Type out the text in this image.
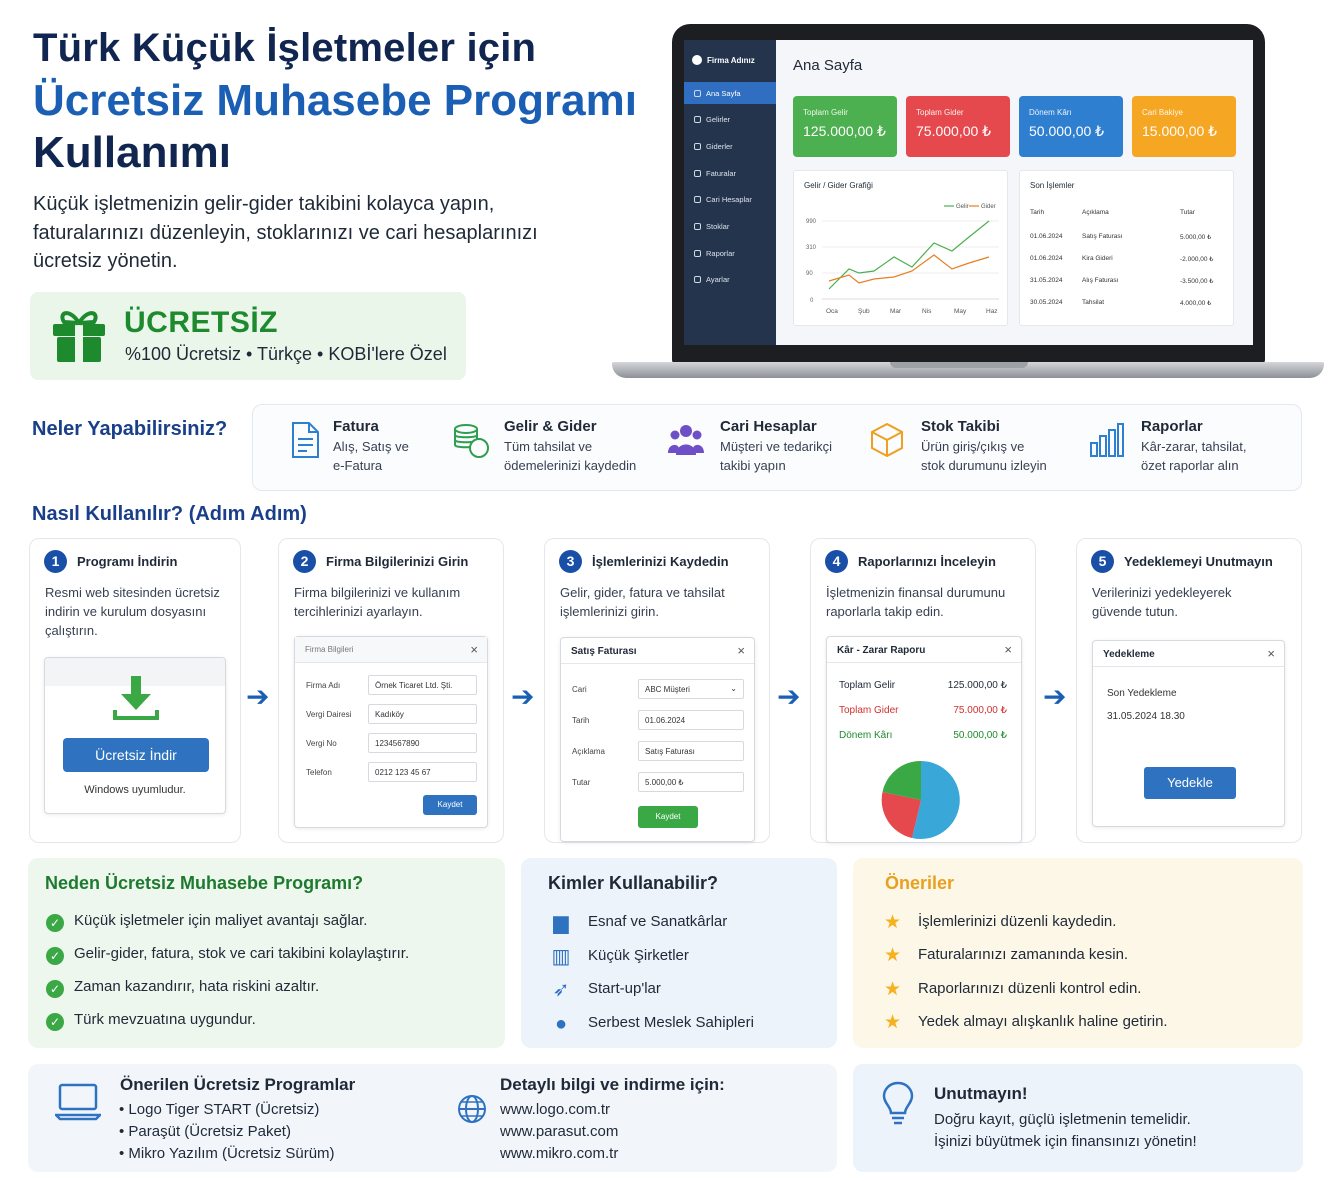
Türk Küçük İşletmeler için
Ücretsiz Muhasebe Programı
Kullanımı
Küçük işletmenizin gelir-gider takibini kolayca yapın, faturalarınızı düzenleyin, stoklarınızı ve cari hesaplarınızı ücretsiz yönetin.
ÜCRETSİZ
%100 Ücretsiz • Türkçe • KOBİ'lere Özel
Firma Adınız
Ana Sayfa
Gelirler
Giderler
Faturalar
Cari Hesaplar
Stoklar
Raporlar
Ayarlar
Ana Sayfa
Toplam Gelir
125.000,00 ₺
Toplam Gider
75.000,00 ₺
Dönem Kârı
50.000,00 ₺
Cari Bakiye
15.000,00 ₺
Gelir / Gider Grafiği
Gelir Gider
990
310
90
0
Oca	Şub	Mar	Nis	May	Haz
Son İşlemler
Tarih	Açıklama	Tutar
01.06.2024	Satış Faturası	5.000,00 ₺
01.06.2024	Kira Gideri	-2.000,00 ₺
31.05.2024	Alış Faturası	-3.500,00 ₺
30.05.2024	Tahsilat	4.000,00 ₺
Neler Yapabilirsiniz?	Fatura
Alış, Satış ve
e-Fatura
Gelir & Gider
Tüm tahsilat ve
ödemelerinizi kaydedin
Cari Hesaplar
Müşteri ve tedarikçi
takibi yapın
Stok Takibi
Ürün giriş/çıkış ve
stok durumunu izleyin
Raporlar
Kâr-zarar, tahsilat,
özet raporlar alın
Nasıl Kullanılır? (Adım Adım)
1	Programı İndirin
Resmi web sitesinden ücretsiz indirin ve kurulum dosyasını çalıştırın.
2	Firma Bilgilerinizi Girin
Firma bilgilerinizi ve kullanım tercihlerinizi ayarlayın.
3	İşlemlerinizi Kaydedin
Gelir, gider, fatura ve tahsilat işlemlerinizi girin.
4	Raporlarınızı İnceleyin
İşletmenizin finansal durumunu raporlarla takip edin.
5	Yedeklemeyi Unutmayın
Verilerinizi yedekleyerek güvende tutun.
➔	➔	➔	➔
Ücretsiz İndir
Windows uyumludur.
Firma Bilgileri	×
Firma Adı	Örnek Ticaret Ltd. Şti.
Vergi Dairesi	Kadıköy
Vergi No	1234567890
Telefon	0212 123 45 67
Kaydet
Satış Faturası	×
Cari	ABC Müşteri	⌄
Tarih	01.06.2024
Açıklama	Satış Faturası
Tutar	5.000,00 ₺
Kaydet
Kâr - Zarar Raporu	×
Toplam Gelir	125.000,00 ₺
Toplam Gider	75.000,00 ₺
Dönem Kârı	50.000,00 ₺
Yedekleme	×
Son Yedekleme
31.05.2024 18.30
Yedekle
Neden Ücretsiz Muhasebe Programı?
✓ Küçük işletmeler için maliyet avantajı sağlar.
✓ Gelir-gider, fatura, stok ve cari takibini kolaylaştırır.
✓ Zaman kazandırır, hata riskini azaltır.
✓ Türk mevzuatına uygundur.
Kimler Kullanabilir?
▆ Esnaf ve Sanatkârlar
▥ Küçük Şirketler
➶ Start-up'lar
●	Serbest Meslek Sahipleri
Öneriler
★ İşlemlerinizi düzenli kaydedin.
★ Faturalarınızı zamanında kesin.
★ Raporlarınızı düzenli kontrol edin.
★ Yedek almayı alışkanlık haline getirin.
Önerilen Ücretsiz Programlar
• Logo Tiger START (Ücretsiz)
• Paraşüt (Ücretsiz Paket)
• Mikro Yazılım (Ücretsiz Sürüm)
Detaylı bilgi ve indirme için:
www.logo.com.tr
www.parasut.com
www.mikro.com.tr
Unutmayın!
Doğru kayıt, güçlü işletmenin temelidir.
İşinizi büyütmek için finansınızı yönetin!
